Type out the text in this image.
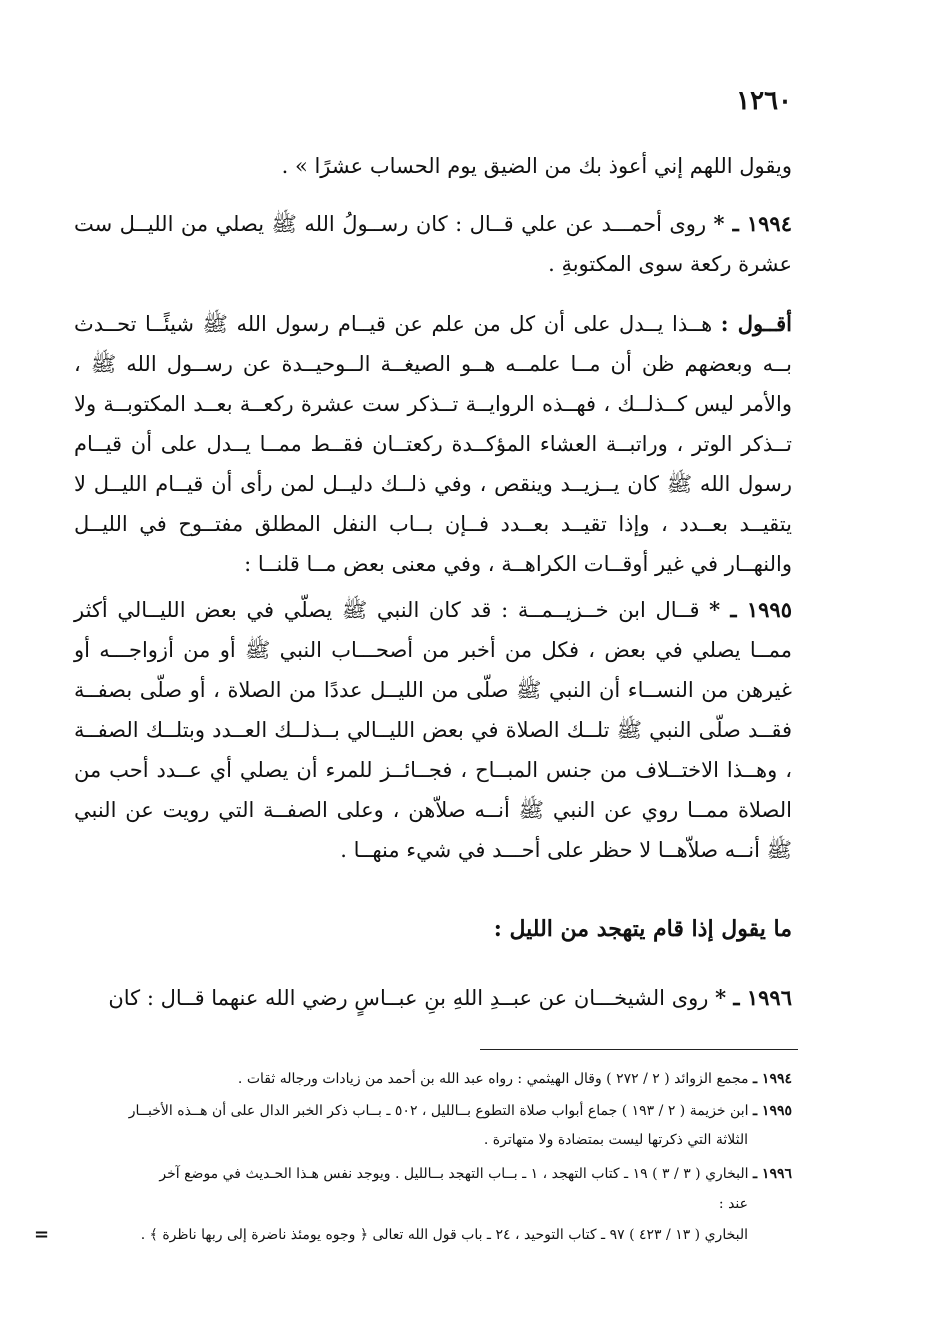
١٢٦٠
ويقول اللهم إني أعوذ بك من الضيق يوم الحساب عشرًا » .
١٩٩٤ ـ * روى أحمـــد عن علي قــال : كان رســولُ الله ﷺ يصلي من الليــل ست عشرة ركعة سوى المكتوبةِ .
أقــول : هــذا يــدل على أن كل من علم عن قيــام رسول الله ﷺ شيئًــا تحــدث بــه وبعضهم ظن أن مــا علمــه هــو الصيغــة الــوحيــدة عن رســول الله ﷺ ، والأمر ليس كــذلــك ، فهــذه الروايــة تــذكر ست عشرة ركعــة بعــد المكتوبــة ولا تــذكر الوتر ، وراتبــة العشاء المؤكــدة ركعتــان فقــط ممــا يــدل على أن قيــام رسول الله ﷺ كان يــزيــد وينقص ، وفي ذلــك دليــل لمن رأى أن قيــام الليــل لا يتقيــد بعــدد ، وإذا تقيــد بعــدد فــإن بــاب النفل المطلق مفتــوح في الليــل والنهــار في غير أوقــات الكراهــة ، وفي معنى بعض مــا قلنــا :
١٩٩٥ ـ * قــال ابن خــزيــمــة : قد كان النبي ﷺ يصلّي في بعض الليــالي أكثر ممــا يصلي في بعض ، فكل من أخبر من أصحـــاب النبي ﷺ أو من أزواجـــه أو غيرهن من النســاء أن النبي ﷺ صلّى من الليــل عددًا من الصلاة ، أو صلّى بصفــة فقــد صلّى النبي ﷺ تلــك الصلاة في بعض الليــالي بــذلــك العــدد وبتلــك الصفــة ، وهــذا الاختــلاف من جنس المبــاح ، فجــائــز للمرء أن يصلي أي عــدد أحب من الصلاة ممــا روي عن النبي ﷺ أنــه صلاّهن ، وعلى الصفــة التي رويت عن النبي ﷺ أنــه صلاّهــا لا حظر على أحـــد في شيء منهــا .
ما يقول إذا قام يتهجد من الليل :
١٩٩٦ ـ * روى الشيخـــان عن عبــدِ اللهِ بنِ عبــاسٍ رضي الله عنهما قــال : كان
١٩٩٤ ـ مجمع الزوائد ( ٢ / ٢٧٢ ) وقال الهيثمي : رواه عبد الله بن أحمد من زيادات ورجاله ثقات .
١٩٩٥ ـ ابن خزيمة ( ٢ / ١٩٣ ) جماع أبواب صلاة التطوع بــالليل ، ٥٠٢ ـ بــاب ذكر الخبر الدال على أن هــذه الأخبــار
الثلاثة التي ذكرتها ليست بمتضادة ولا متهاترة .
١٩٩٦ ـ البخاري ( ٣ / ٣ ) ١٩ ـ كتاب التهجد ، ١ ـ بــاب التهجد بــالليل . ويوجد نفس هـذا الحـديث في موضع آخر
عند :
البخاري ( ١٣ / ٤٢٣ ) ٩٧ ـ كتاب التوحيد ، ٢٤ ـ باب قول الله تعالى ﴿ وجوه يومئذ ناضرة إلى ربها ناظرة ﴾ .
=
